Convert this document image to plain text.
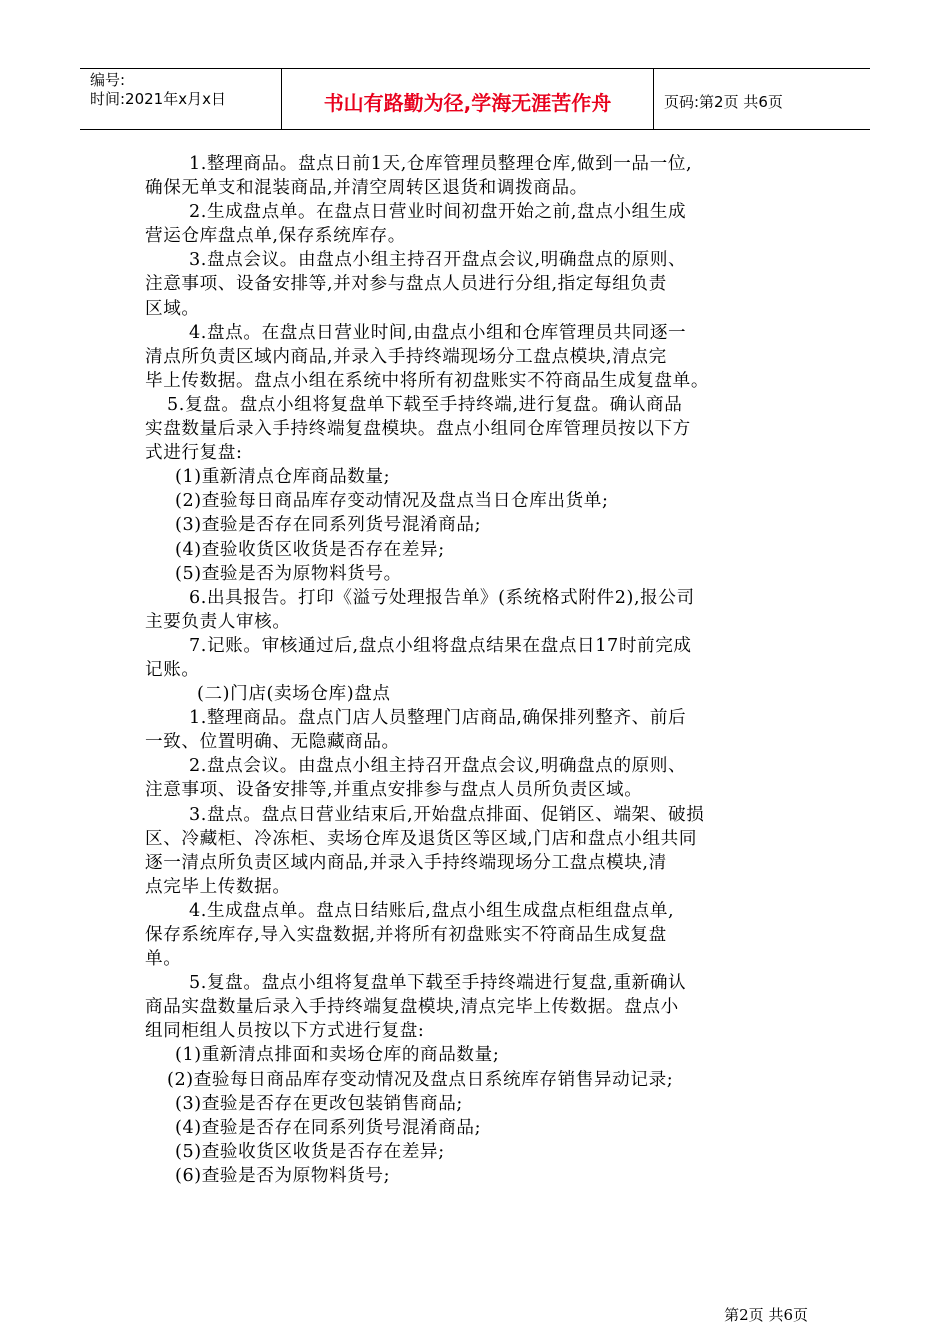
编号:
时间:2021年x月x日	书山有路勤为径,学海无涯苦作舟	页码:第2页 共6页
1.整理商品。盘点日前1天,仓库管理员整理仓库,做到一品一位,
确保无单支和混装商品,并清空周转区退货和调拨商品。
2.生成盘点单。在盘点日营业时间初盘开始之前,盘点小组生成
营运仓库盘点单,保存系统库存。
3.盘点会议。由盘点小组主持召开盘点会议,明确盘点的原则、
注意事项、设备安排等,并对参与盘点人员进行分组,指定每组负责
区域。
4.盘点。在盘点日营业时间,由盘点小组和仓库管理员共同逐一
清点所负责区域内商品,并录入手持终端现场分工盘点模块,清点完
毕上传数据。盘点小组在系统中将所有初盘账实不符商品生成复盘单。
5.复盘。盘点小组将复盘单下载至手持终端,进行复盘。确认商品
实盘数量后录入手持终端复盘模块。盘点小组同仓库管理员按以下方
式进行复盘:
(1)重新清点仓库商品数量;
(2)查验每日商品库存变动情况及盘点当日仓库出货单;
(3)查验是否存在同系列货号混淆商品;
(4)查验收货区收货是否存在差异;
(5)查验是否为原物料货号。
6.出具报告。打印《溢亏处理报告单》(系统格式附件2),报公司
主要负责人审核。
7.记账。审核通过后,盘点小组将盘点结果在盘点日17时前完成
记账。
(二)门店(卖场仓库)盘点
1.整理商品。盘点门店人员整理门店商品,确保排列整齐、前后
一致、位置明确、无隐藏商品。
2.盘点会议。由盘点小组主持召开盘点会议,明确盘点的原则、
注意事项、设备安排等,并重点安排参与盘点人员所负责区域。
3.盘点。盘点日营业结束后,开始盘点排面、促销区、端架、破损
区、冷藏柜、冷冻柜、卖场仓库及退货区等区域,门店和盘点小组共同
逐一清点所负责区域内商品,并录入手持终端现场分工盘点模块,清
点完毕上传数据。
4.生成盘点单。盘点日结账后,盘点小组生成盘点柜组盘点单,
保存系统库存,导入实盘数据,并将所有初盘账实不符商品生成复盘
单。
5.复盘。盘点小组将复盘单下载至手持终端进行复盘,重新确认
商品实盘数量后录入手持终端复盘模块,清点完毕上传数据。盘点小
组同柜组人员按以下方式进行复盘:
(1)重新清点排面和卖场仓库的商品数量;
(2)查验每日商品库存变动情况及盘点日系统库存销售异动记录;
(3)查验是否存在更改包装销售商品;
(4)查验是否存在同系列货号混淆商品;
(5)查验收货区收货是否存在差异;
(6)查验是否为原物料货号;
第2页 共6页
